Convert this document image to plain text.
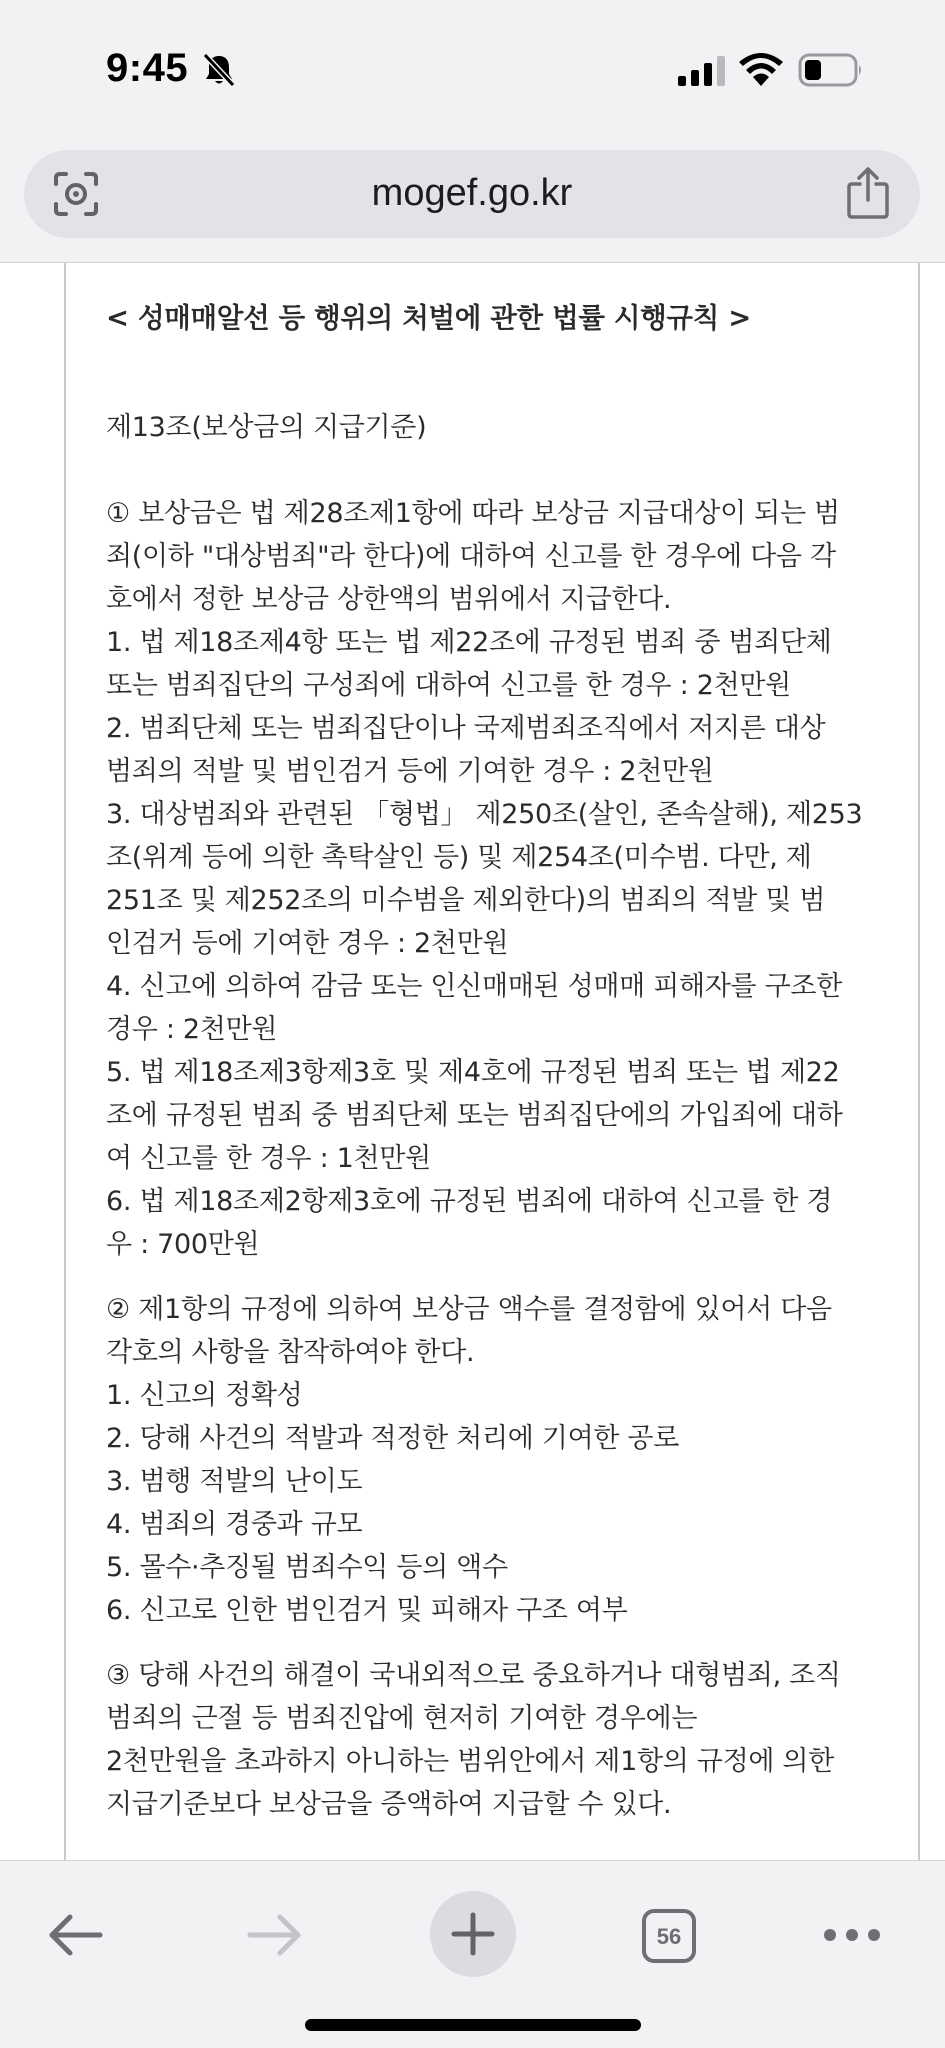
9:45
mogef.go.kr
< 성매매알선 등 행위의 처벌에 관한 법률 시행규칙 >
제13조(보상금의 지급기준)
① 보상금은 법 제28조제1항에 따라 보상금 지급대상이 되는 범
죄(이하 "대상범죄"라 한다)에 대하여 신고를 한 경우에 다음 각
호에서 정한 보상금 상한액의 범위에서 지급한다.
1. 법 제18조제4항 또는 법 제22조에 규정된 범죄 중 범죄단체
또는 범죄집단의 구성죄에 대하여 신고를 한 경우 : 2천만원
2. 범죄단체 또는 범죄집단이나 국제범죄조직에서 저지른 대상
범죄의 적발 및 범인검거 등에 기여한 경우 : 2천만원
3. 대상범죄와 관련된 「형법」 제250조(살인, 존속살해), 제253
조(위계 등에 의한 촉탁살인 등) 및 제254조(미수범. 다만, 제
251조 및 제252조의 미수범을 제외한다)의 범죄의 적발 및 범
인검거 등에 기여한 경우 : 2천만원
4. 신고에 의하여 감금 또는 인신매매된 성매매 피해자를 구조한
경우 : 2천만원
5. 법 제18조제3항제3호 및 제4호에 규정된 범죄 또는 법 제22
조에 규정된 범죄 중 범죄단체 또는 범죄집단에의 가입죄에 대하
여 신고를 한 경우 : 1천만원
6. 법 제18조제2항제3호에 규정된 범죄에 대하여 신고를 한 경
우 : 700만원
② 제1항의 규정에 의하여 보상금 액수를 결정함에 있어서 다음
각호의 사항을 참작하여야 한다.
1. 신고의 정확성
2. 당해 사건의 적발과 적정한 처리에 기여한 공로
3. 범행 적발의 난이도
4. 범죄의 경중과 규모
5. 몰수·추징될 범죄수익 등의 액수
6. 신고로 인한 범인검거 및 피해자 구조 여부
③ 당해 사건의 해결이 국내외적으로 중요하거나 대형범죄, 조직
범죄의 근절 등 범죄진압에 현저히 기여한 경우에는
2천만원을 초과하지 아니하는 범위안에서 제1항의 규정에 의한
지급기준보다 보상금을 증액하여 지급할 수 있다.
56
